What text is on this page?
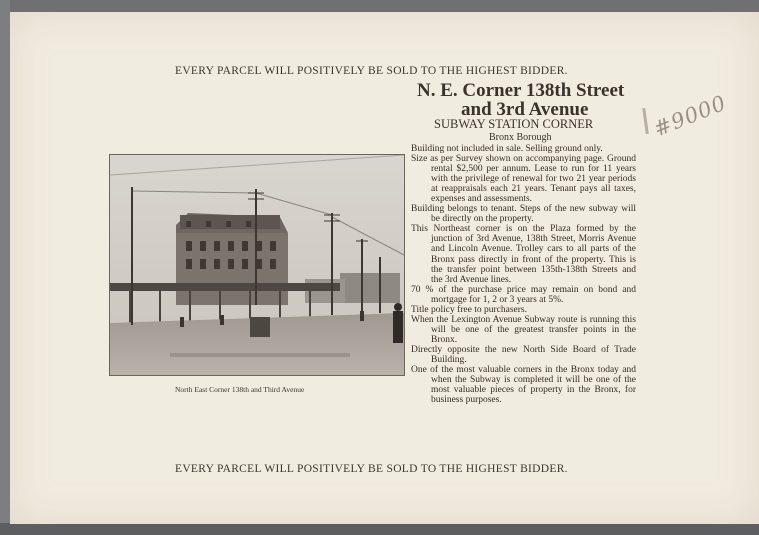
EVERY PARCEL WILL POSITIVELY BE SOLD TO THE HIGHEST BIDDER.
North East Corner 138th and Third Avenue
N. E. Corner 138th Street
and 3rd Avenue
SUBWAY STATION CORNER
Bronx Borough	#9000
Building not included in sale. Selling ground only.
Size as per Survey shown on accompanying page. Ground rental $2,500 per annum. Lease to run for 11 years with the privilege of renewal for two 21 year periods at reappraisals each 21 years. Tenant pays all taxes, expenses and assessments.
Building belongs to tenant. Steps of the new subway will be directly on the property.
This Northeast corner is on the Plaza formed by the junction of 3rd Avenue, 138th Street, Morris Avenue and Lincoln Avenue. Trolley cars to all parts of the Bronx pass directly in front of the property. This is the transfer point between 135th-138th Streets and the 3rd Avenue lines.
70 % of the purchase price may remain on bond and mortgage for 1, 2 or 3 years at 5%.
Title policy free to purchasers.
When the Lexington Avenue Subway route is running this will be one of the greatest transfer points in the Bronx.
Directly opposite the new North Side Board of Trade Building.
One of the most valuable corners in the Bronx today and when the Subway is completed it will be one of the most valuable pieces of property in the Bronx, for business purposes.
EVERY PARCEL WILL POSITIVELY BE SOLD TO THE HIGHEST BIDDER.
